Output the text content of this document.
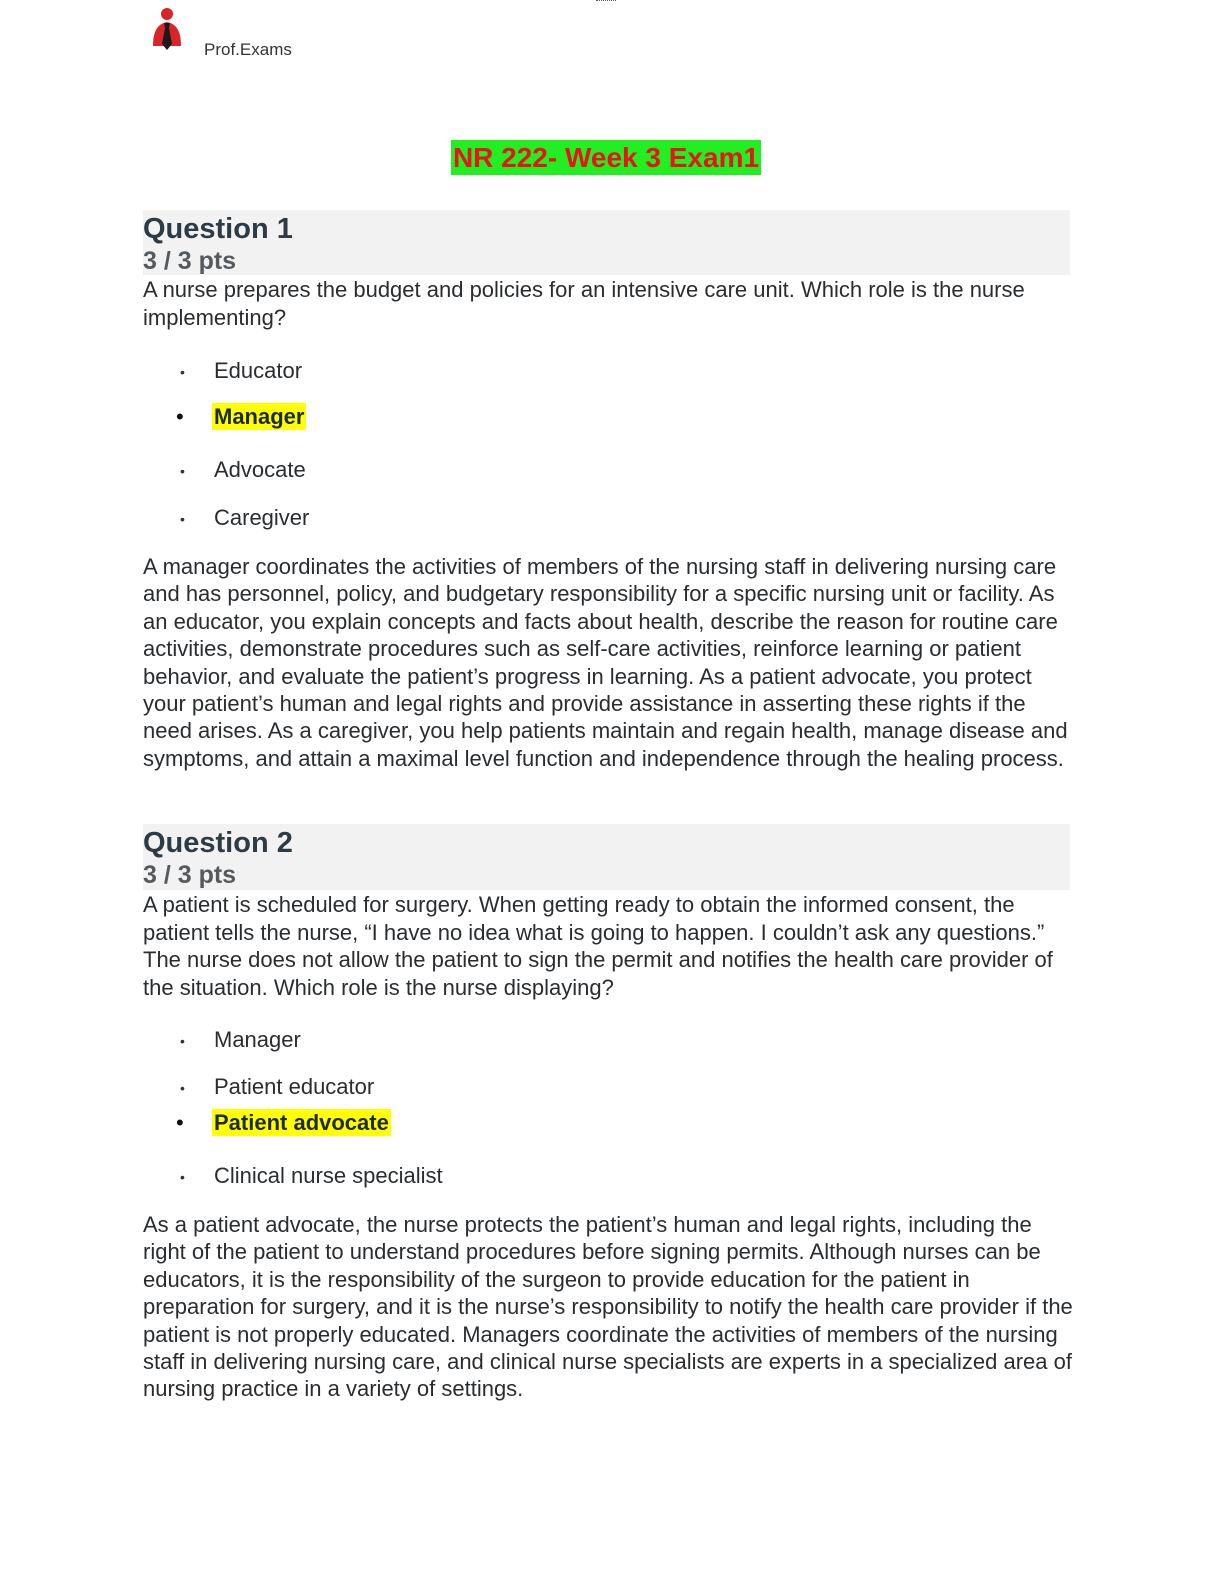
Prof.Exams
NR 222- Week 3 Exam1
Question 1
3 / 3 pts
A nurse prepares the budget and policies for an intensive care unit. Which role is the nurse implementing?
• Educator
• Manager
• Advocate
• Caregiver
A manager coordinates the activities of members of the nursing staff in delivering nursing care and has personnel, policy, and budgetary responsibility for a specific nursing unit or facility. As an educator, you explain concepts and facts about health, describe the reason for routine care activities, demonstrate procedures such as self-care activities, reinforce learning or patient behavior, and evaluate the patient’s progress in learning. As a patient advocate, you protect your patient’s human and legal rights and provide assistance in asserting these rights if the need arises. As a caregiver, you help patients maintain and regain health, manage disease and symptoms, and attain a maximal level function and independence through the healing process.
Question 2
3 / 3 pts
A patient is scheduled for surgery. When getting ready to obtain the informed consent, the patient tells the nurse, “I have no idea what is going to happen. I couldn’t ask any questions.” The nurse does not allow the patient to sign the permit and notifies the health care provider of the situation. Which role is the nurse displaying?
• Manager
• Patient educator
• Patient advocate
• Clinical nurse specialist
As a patient advocate, the nurse protects the patient’s human and legal rights, including the right of the patient to understand procedures before signing permits. Although nurses can be educators, it is the responsibility of the surgeon to provide education for the patient in preparation for surgery, and it is the nurse’s responsibility to notify the health care provider if the patient is not properly educated. Managers coordinate the activities of members of the nursing staff in delivering nursing care, and clinical nurse specialists are experts in a specialized area of nursing practice in a variety of settings.
